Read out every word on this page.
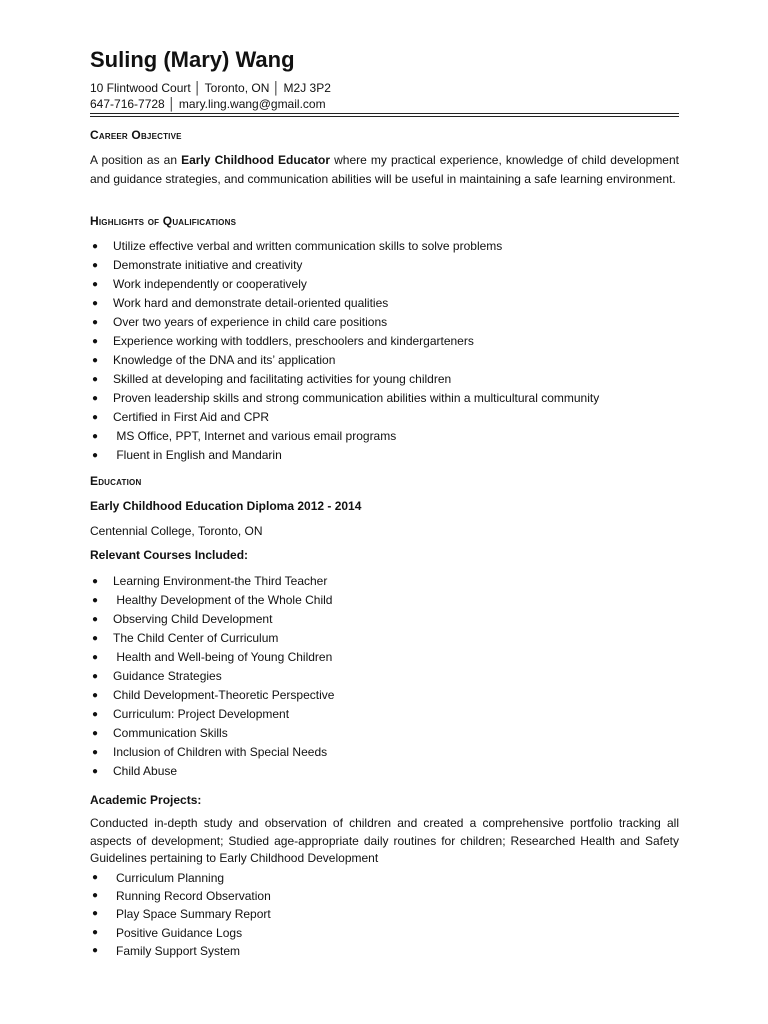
Suling (Mary) Wang
10 Flintwood Court │ Toronto, ON │ M2J 3P2
647-716-7728 │ mary.ling.wang@gmail.com
Career Objective
A position as an Early Childhood Educator where my practical experience, knowledge of child development and guidance strategies, and communication abilities will be useful in maintaining a safe learning environment.
Highlights of Qualifications
● Utilize effective verbal and written communication skills to solve problems
● Demonstrate initiative and creativity
● Work independently or cooperatively
● Work hard and demonstrate detail-oriented qualities
● Over two years of experience in child care positions
● Experience working with toddlers, preschoolers and kindergarteners
● Knowledge of the DNA and its’ application
● Skilled at developing and facilitating activities for young children
● Proven leadership skills and strong communication abilities within a multicultural community
● Certified in First Aid and CPR
● MS Office, PPT, Internet and various email programs
● Fluent in English and Mandarin
Education
Early Childhood Education Diploma 2012 - 2014
Centennial College, Toronto, ON
Relevant Courses Included:
● Learning Environment-the Third Teacher
● Healthy Development of the Whole Child
● Observing Child Development
● The Child Center of Curriculum
● Health and Well-being of Young Children
● Guidance Strategies
● Child Development-Theoretic Perspective
● Curriculum: Project Development
● Communication Skills
● Inclusion of Children with Special Needs
● Child Abuse
Academic Projects:
Conducted in-depth study and observation of children and created a comprehensive portfolio tracking all aspects of development; Studied age-appropriate daily routines for children; Researched Health and Safety Guidelines pertaining to Early Childhood Development
● Curriculum Planning
● Running Record Observation
● Play Space Summary Report
● Positive Guidance Logs
● Family Support System
